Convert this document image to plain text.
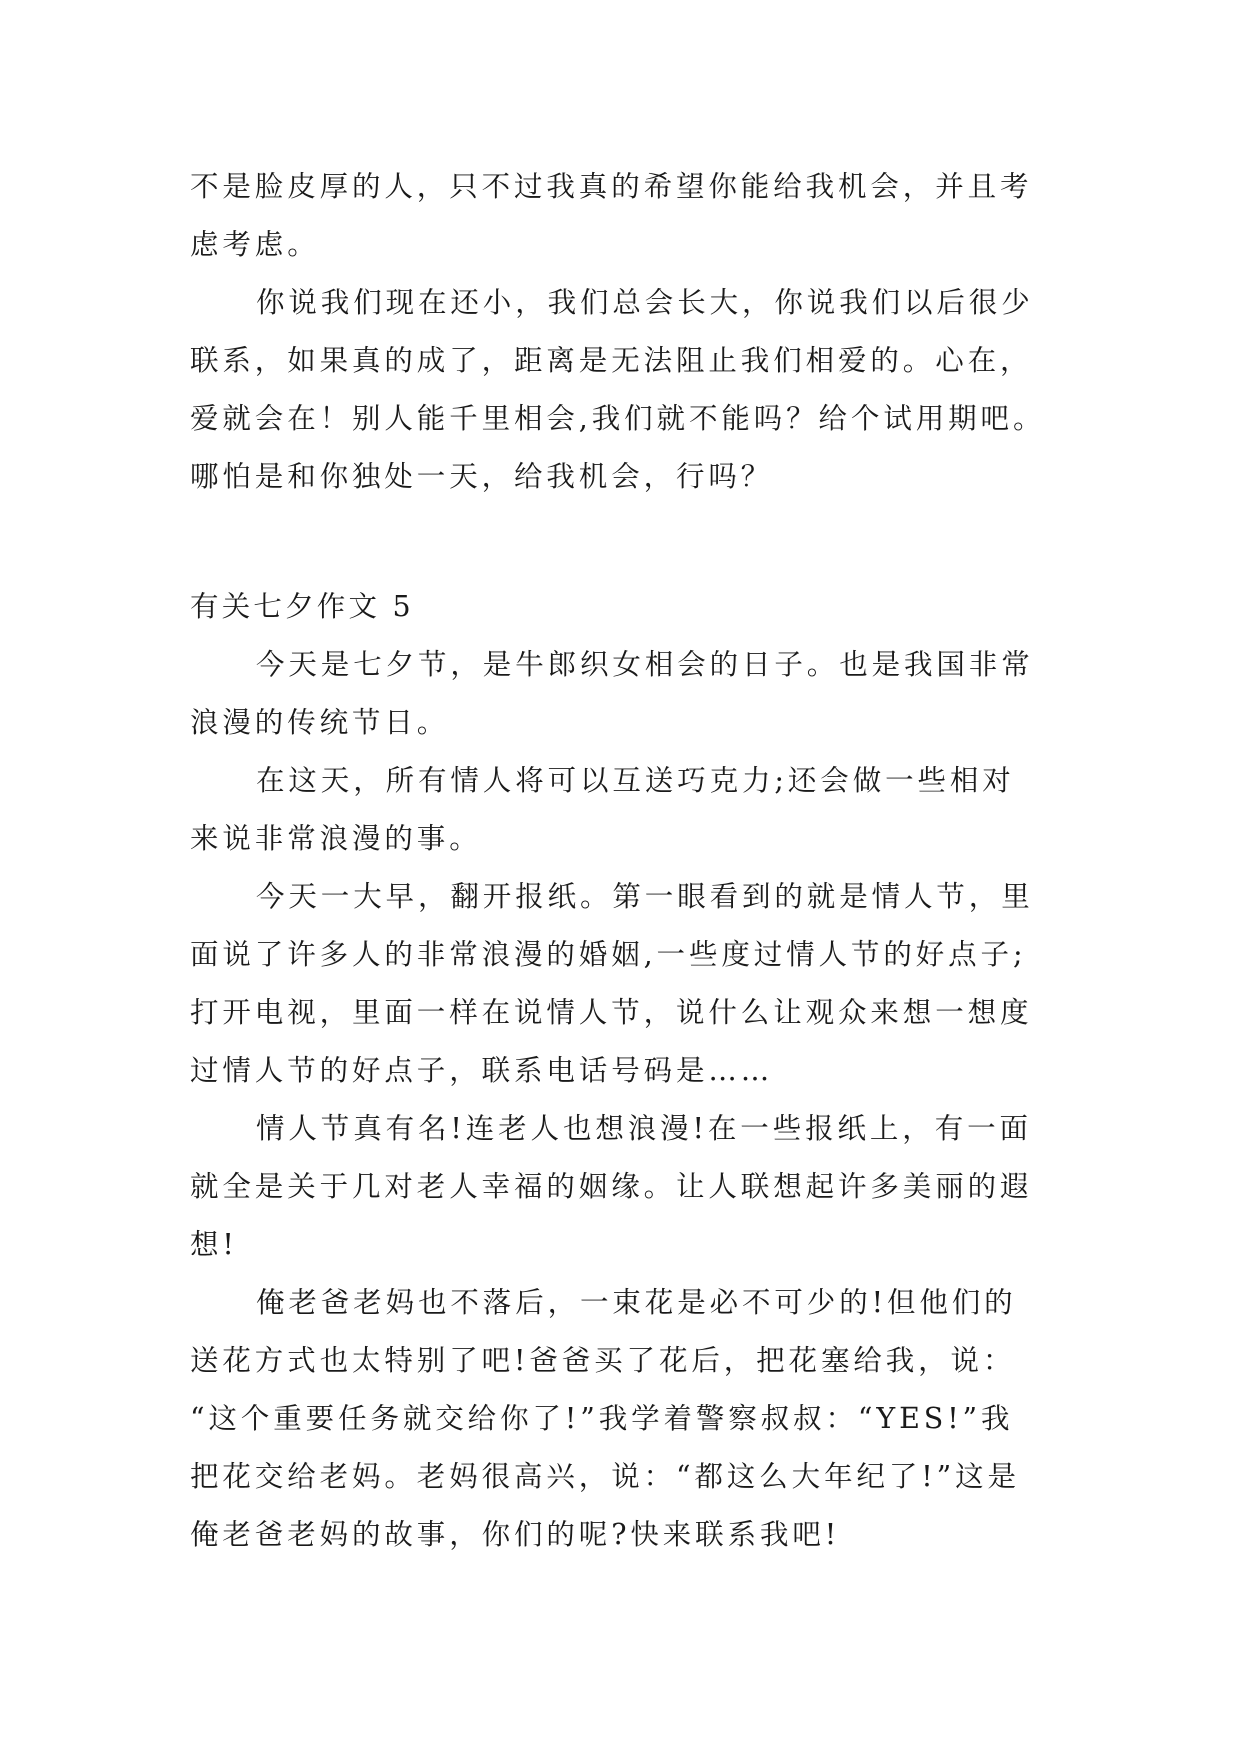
不是脸皮厚的人，只不过我真的希望你能给我机会，并且考
虑考虑。
你说我们现在还小，我们总会长大，你说我们以后很少
联系，如果真的成了，距离是无法阻止我们相爱的。心在，
爱就会在！别人能千里相会,我们就不能吗？给个试用期吧。
哪怕是和你独处一天，给我机会，行吗？
有关七夕作文 5
今天是七夕节，是牛郎织女相会的日子。也是我国非常
浪漫的传统节日。
在这天，所有情人将可以互送巧克力;还会做一些相对
来说非常浪漫的事。
今天一大早，翻开报纸。第一眼看到的就是情人节，里
面说了许多人的非常浪漫的婚姻,一些度过情人节的好点子;
打开电视，里面一样在说情人节，说什么让观众来想一想度
过情人节的好点子，联系电话号码是……
情人节真有名!连老人也想浪漫!在一些报纸上，有一面
就全是关于几对老人幸福的姻缘。让人联想起许多美丽的遐
想!
俺老爸老妈也不落后，一束花是必不可少的!但他们的
送花方式也太特别了吧!爸爸买了花后，把花塞给我，说：
“这个重要任务就交给你了!”我学着警察叔叔：“YES!”我
把花交给老妈。老妈很高兴，说：“都这么大年纪了!”这是
俺老爸老妈的故事，你们的呢?快来联系我吧!
